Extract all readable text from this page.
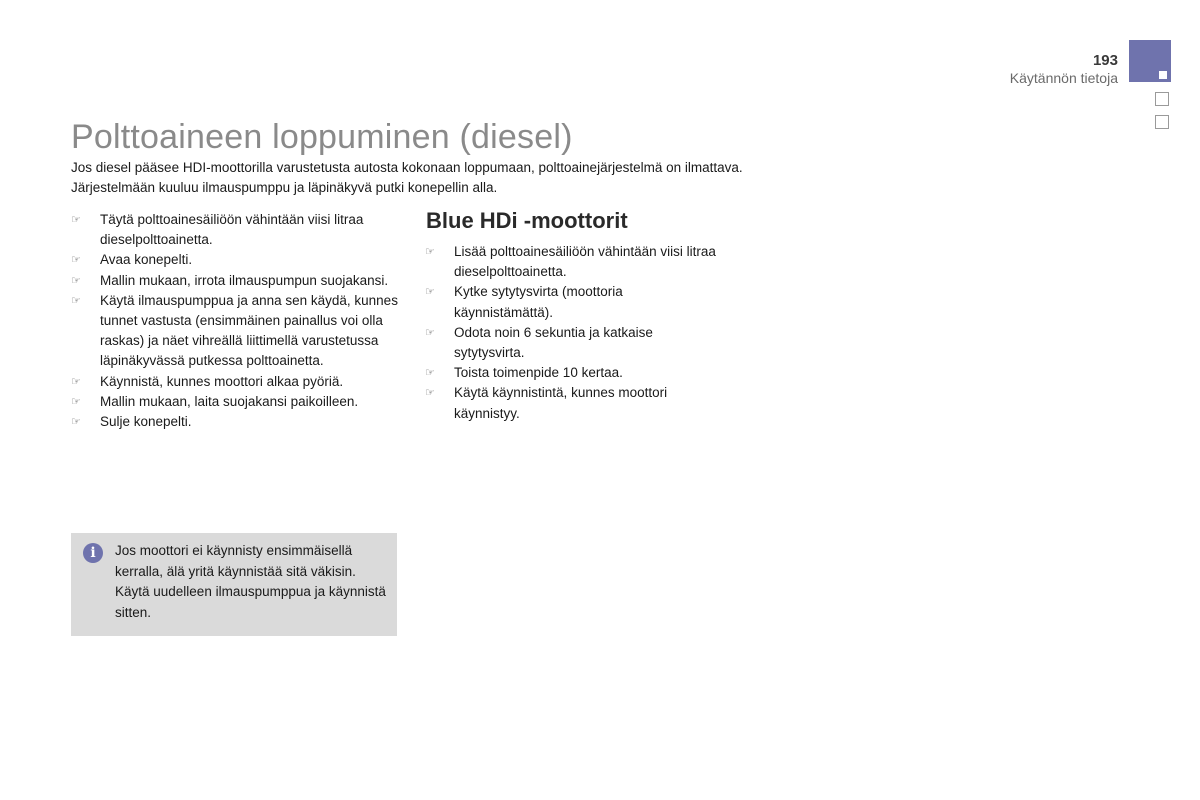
193
Käytännön tietoja
Polttoaineen loppuminen (diesel)

Jos diesel pääsee HDI-moottorilla varustetusta autosta kokonaan loppumaan, polttoainejärjestelmä on ilmattava.
Järjestelmään kuuluu ilmauspumppu ja läpinäkyvä putki konepellin alla.

☞ Täytä polttoainesäiliöön vähintään viisi litraa dieselpolttoainetta.
☞ Avaa konepelti.
☞ Mallin mukaan, irrota ilmauspumpun suojakansi.
☞ Käytä ilmauspumppua ja anna sen käydä, kunnes tunnet vastusta (ensimmäinen painallus voi olla raskas) ja näet vihreällä liittimellä varustetussa läpinäkyvässä putkessa polttoainetta.
☞ Käynnistä, kunnes moottori alkaa pyöriä.
☞ Mallin mukaan, laita suojakansi paikoilleen.
☞ Sulje konepelti.
Blue HDi -moottorit
☞ Lisää polttoainesäiliöön vähintään viisi litraa dieselpolttoainetta.
☞ Kytke sytytysvirta (moottoria käynnistämättä).
☞ Odota noin 6 sekuntia ja katkaise sytytysvirta.
☞ Toista toimenpide 10 kertaa.
☞ Käytä käynnistintä, kunnes moottori käynnistyy.
i	Jos moottori ei käynnisty ensimmäisellä kerralla, älä yritä käynnistää sitä väkisin. Käytä uudelleen ilmauspumppua ja käynnistä sitten.
